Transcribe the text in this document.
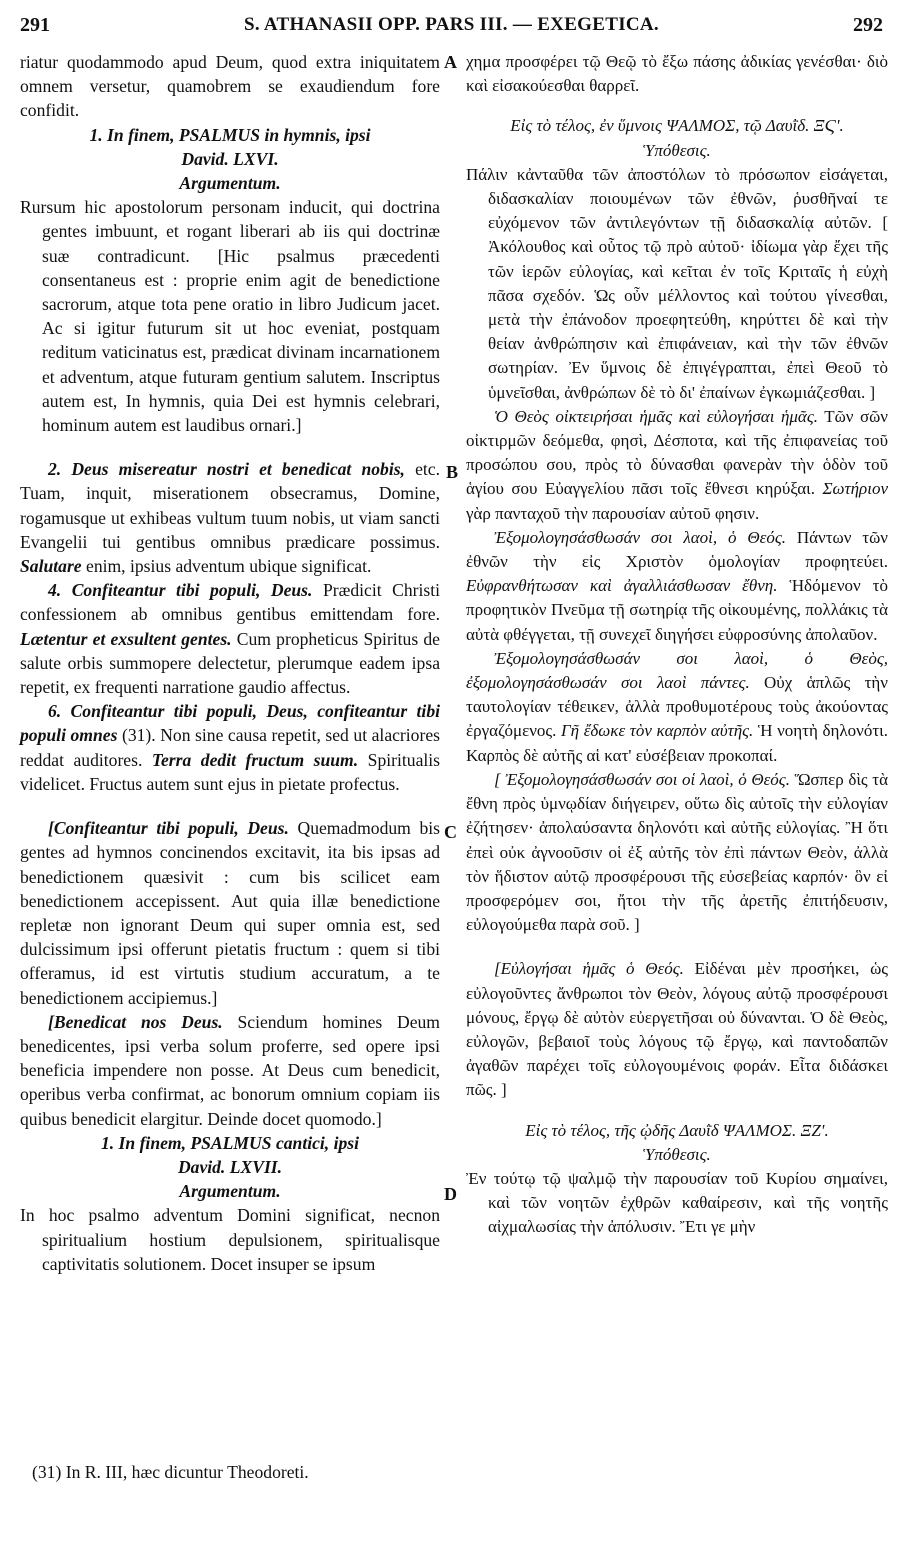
291	S. ATHANASII OPP. PARS III. — EXEGETICA.	292
A
B
C
D

riatur quodammodo apud Deum, quod extra iniquitatem omnem versetur, quamobrem se exaudiendum fore confidit.

1. In finem, PSALMUS in hymnis, ipsi
David. LXVI.

Argumentum.

Rursum hic apostolorum personam inducit, qui doctrina gentes imbuunt, et rogant liberari ab iis qui doctrinæ suæ contradicunt. [Hic psalmus præcedenti consentaneus est : proprie enim agit de benedictione sacrorum, atque tota pene oratio in libro Judicum jacet. Ac si igitur futurum sit ut hoc eveniat, postquam reditum vaticinatus est, prædicat divinam incarnationem et adventum, atque futuram gentium salutem. Inscriptus autem est, In hymnis, quia Dei est hymnis celebrari, hominum autem est laudibus ornari.]

2. Deus misereatur nostri et benedicat nobis, etc. Tuam, inquit, miserationem obsecramus, Domine, rogamusque ut exhibeas vultum tuum nobis, ut viam sancti Evangelii tui gentibus omnibus prædicare possimus. Salutare enim, ipsius adventum ubique significat.

4. Confiteantur tibi populi, Deus. Prædicit Christi confessionem ab omnibus gentibus emittendam fore. Lætentur et exsultent gentes. Cum propheticus Spiritus de salute orbis summopere delectetur, plerumque eadem ipsa repetit, ex frequenti narratione gaudio affectus.

6. Confiteantur tibi populi, Deus, confiteantur tibi populi omnes (31). Non sine causa repetit, sed ut alacriores reddat auditores. Terra dedit fructum suum. Spiritualis videlicet. Fructus autem sunt ejus in pietate profectus.

[Confiteantur tibi populi, Deus. Quemadmodum bis gentes ad hymnos concinendos excitavit, ita bis ipsas ad benedictionem quæsivit : cum bis scilicet eam benedictionem accepissent. Aut quia illæ benedictione repletæ non ignorant Deum qui super omnia est, sed dulcissimum ipsi offerunt pietatis fructum : quem si tibi offeramus, id est virtutis studium accuratum, a te benedictionem accipiemus.]

[Benedicat nos Deus. Sciendum homines Deum benedicentes, ipsi verba solum proferre, sed opere ipsi beneficia impendere non posse. At Deus cum benedicit, operibus verba confirmat, ac bonorum omnium copiam iis quibus benedicit elargitur. Deinde docet quomodo.]

1. In finem, PSALMUS cantici, ipsi
David. LXVII.

Argumentum.

In hoc psalmo adventum Domini significat, necnon spiritualium hostium depulsionem, spiritualisque captivitatis solutionem. Docet insuper se ipsum

χημα προσφέρει τῷ Θεῷ τὸ ἔξω πάσης ἀδικίας γενέσθαι· διὸ καὶ εἰσακούεσθαι θαρρεῖ.

Εἰς τὸ τέλος, ἐν ὕμνοις ΨΑΛΜΟΣ, τῷ Δαυῒδ. ΞϚʹ.

Ὑπόθεσις.

Πάλιν κἀνταῦθα τῶν ἀποστόλων τὸ πρόσωπον εἰσάγεται, διδασκαλίαν ποιουμένων τῶν ἐθνῶν, ῥυσθῆναί τε εὐχόμενον τῶν ἀντιλεγόντων τῇ διδασκαλίᾳ αὐτῶν. [ Ἀκόλουθος καὶ οὗτος τῷ πρὸ αὐτοῦ· ἰδίωμα γὰρ ἔχει τῆς τῶν ἱερῶν εὐλογίας, καὶ κεῖται ἐν τοῖς Κριταῖς ἡ εὐχὴ πᾶσα σχεδόν. Ὡς οὖν μέλλοντος καὶ τούτου γίνεσθαι, μετὰ τὴν ἐπάνοδον προεφητεύθη, κηρύττει δὲ καὶ τὴν θείαν ἀνθρώπησιν καὶ ἐπιφάνειαν, καὶ τὴν τῶν ἐθνῶν σωτηρίαν. Ἐν ὕμνοις δὲ ἐπιγέγραπται, ἐπεὶ Θεοῦ τὸ ὑμνεῖσθαι, ἀνθρώπων δὲ τὸ δι' ἐπαίνων ἐγκωμιάζεσθαι. ]

Ὁ Θεὸς οἰκτειρήσαι ἡμᾶς καὶ εὐλογήσαι ἡμᾶς. Τῶν σῶν οἰκτιρμῶν δεόμεθα, φησὶ, Δέσποτα, καὶ τῆς ἐπιφανείας τοῦ προσώπου σου, πρὸς τὸ δύνασθαι φανερὰν τὴν ὁδὸν τοῦ ἁγίου σου Εὐαγγελίου πᾶσι τοῖς ἔθνεσι κηρύξαι. Σωτήριον γὰρ πανταχοῦ τὴν παρουσίαν αὐτοῦ φησιν.

Ἐξομολογησάσθωσάν σοι λαοὶ, ὁ Θεός. Πάντων τῶν ἐθνῶν τὴν εἰς Χριστὸν ὁμολογίαν προφητεύει. Εὐφρανθήτωσαν καὶ ἀγαλλιάσθωσαν ἔθνη. Ἡδόμενον τὸ προφητικὸν Πνεῦμα τῇ σωτηρίᾳ τῆς οἰκουμένης, πολλάκις τὰ αὐτὰ φθέγγεται, τῇ συνεχεῖ διηγήσει εὐφροσύνης ἀπολαῦον.

Ἐξομολογησάσθωσάν σοι λαοὶ, ὁ Θεὸς, ἐξομολογησάσθωσάν σοι λαοὶ πάντες. Οὐχ ἁπλῶς τὴν ταυτολογίαν τέθεικεν, ἀλλὰ προθυμοτέρους τοὺς ἀκούοντας ἐργαζόμενος. Γῆ ἔδωκε τὸν καρπὸν αὐτῆς. Ἡ νοητὴ δηλονότι. Καρπὸς δὲ αὐτῆς αἱ κατ' εὐσέβειαν προκοπαί.

[ Ἐξομολογησάσθωσάν σοι οἱ λαοὶ, ὁ Θεός. Ὥσπερ δὶς τὰ ἔθνη πρὸς ὑμνῳδίαν διήγειρεν, οὕτω δὶς αὐτοῖς τὴν εὐλογίαν ἐζήτησεν· ἀπολαύσαντα δηλονότι καὶ αὐτῆς εὐλογίας. Ἢ ὅτι ἐπεὶ οὐκ ἀγνοοῦσιν οἱ ἐξ αὐτῆς τὸν ἐπὶ πάντων Θεὸν, ἀλλὰ τὸν ἥδιστον αὐτῷ προσφέρουσι τῆς εὐσεβείας καρπόν· ὃν εἰ προσφερόμεν σοι, ἤτοι τὴν τῆς ἀρετῆς ἐπιτήδευσιν, εὐλογούμεθα παρὰ σοῦ. ]

[Εὐλογήσαι ἡμᾶς ὁ Θεός. Εἰδέναι μὲν προσήκει, ὡς εὐλογοῦντες ἄνθρωποι τὸν Θεὸν, λόγους αὐτῷ προσφέρουσι μόνους, ἔργῳ δὲ αὐτὸν εὐεργετῆσαι οὐ δύνανται. Ὁ δὲ Θεὸς, εὐλογῶν, βεβαιοῖ τοὺς λόγους τῷ ἔργῳ, καὶ παντοδαπῶν ἀγαθῶν παρέχει τοῖς εὐλογουμένοις φοράν. Εἶτα διδάσκει πῶς. ]

Εἰς τὸ τέλος, τῆς ᾠδῆς Δαυῒδ ΨΑΛΜΟΣ. ΞΖʹ.

Ὑπόθεσις.

Ἐν τούτῳ τῷ ψαλμῷ τὴν παρουσίαν τοῦ Κυρίου σημαίνει, καὶ τῶν νοητῶν ἐχθρῶν καθαίρεσιν, καὶ τῆς νοητῆς αἰχμαλωσίας τὴν ἀπόλυσιν. Ἔτι γε μὴν

(31) In R. III, hæc dicuntur Theodoreti.
